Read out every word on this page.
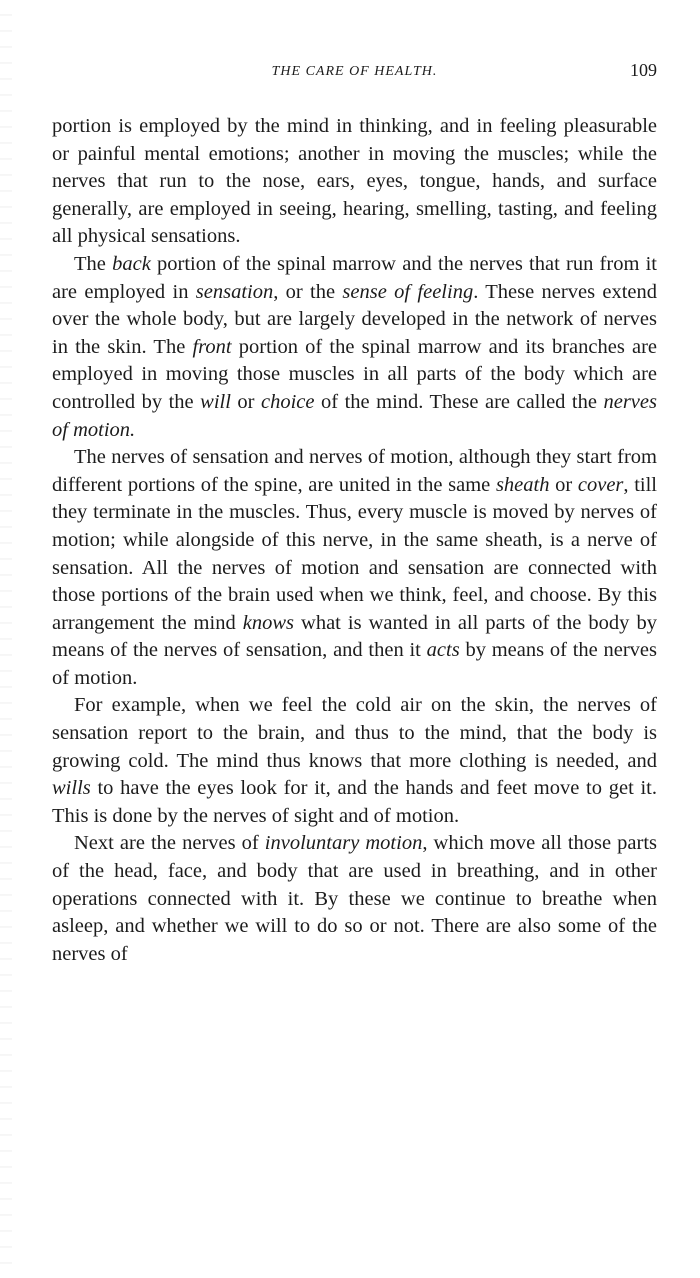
THE CARE OF HEALTH.	109

portion is employed by the mind in thinking, and in feeling pleasurable or painful mental emotions; another in moving the muscles; while the nerves that run to the nose, ears, eyes, tongue, hands, and surface generally, are employed in seeing, hearing, smelling, tasting, and feeling all physical sensations.

The back portion of the spinal marrow and the nerves that run from it are employed in sensation, or the sense of feeling. These nerves extend over the whole body, but are largely developed in the network of nerves in the skin. The front portion of the spinal marrow and its branches are employed in moving those muscles in all parts of the body which are controlled by the will or choice of the mind. These are called the nerves of motion.

The nerves of sensation and nerves of motion, although they start from different portions of the spine, are united in the same sheath or cover, till they terminate in the muscles. Thus, every muscle is moved by nerves of motion; while alongside of this nerve, in the same sheath, is a nerve of sensation. All the nerves of motion and sensation are connected with those portions of the brain used when we think, feel, and choose. By this arrangement the mind knows what is wanted in all parts of the body by means of the nerves of sensation, and then it acts by means of the nerves of motion.

For example, when we feel the cold air on the skin, the nerves of sensation report to the brain, and thus to the mind, that the body is growing cold. The mind thus knows that more clothing is needed, and wills to have the eyes look for it, and the hands and feet move to get it. This is done by the nerves of sight and of motion.

Next are the nerves of involuntary motion, which move all those parts of the head, face, and body that are used in breathing, and in other operations connected with it. By these we continue to breathe when asleep, and whether we will to do so or not. There are also some of the nerves of
